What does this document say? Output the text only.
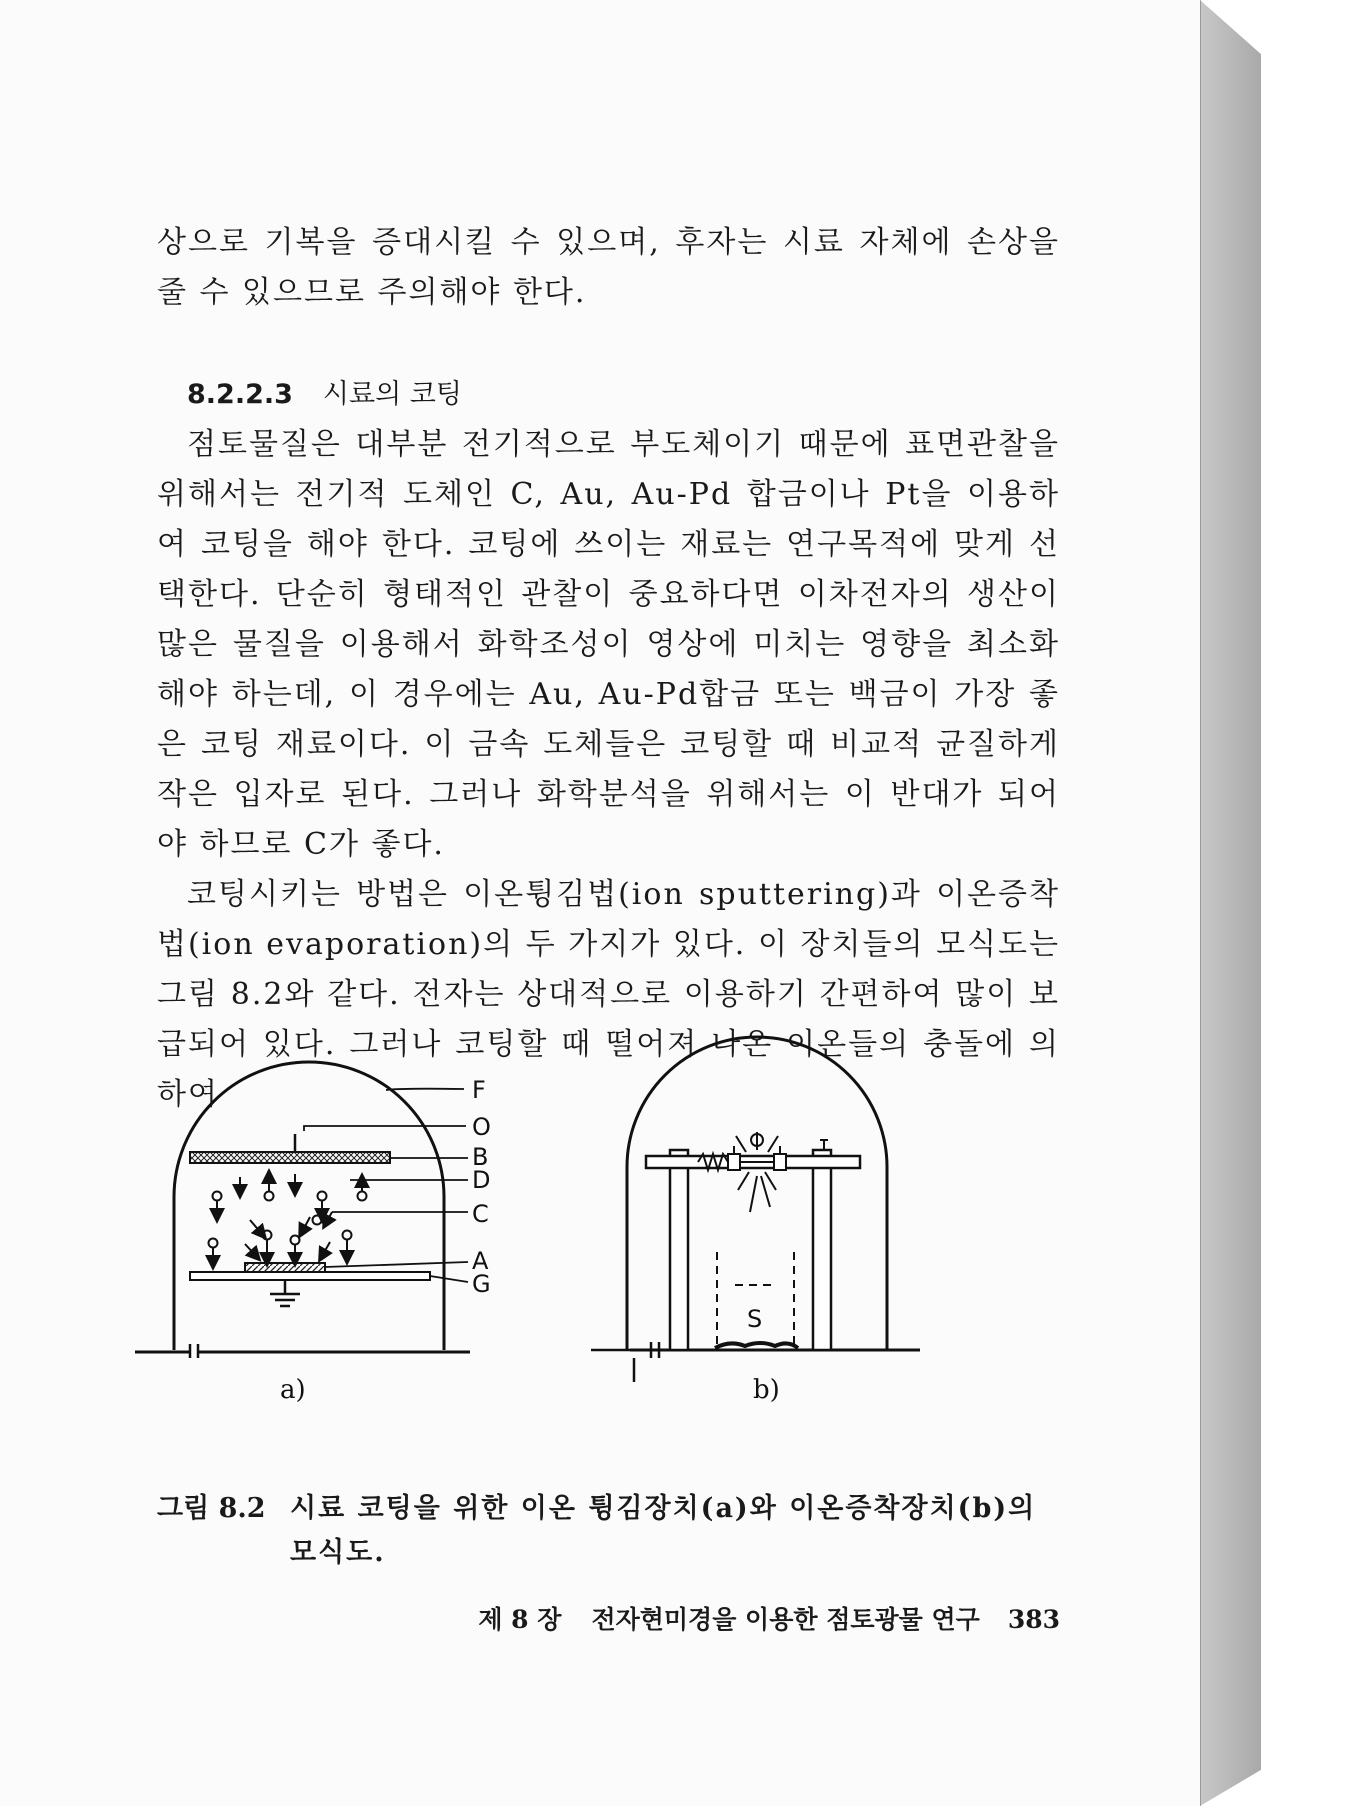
상으로 기복을 증대시킬 수 있으며, 후자는 시료 자체에 손상을 줄 수 있으므로 주의해야 한다.

8.2.2.3 시료의 코팅

점토물질은 대부분 전기적으로 부도체이기 때문에 표면관찰을 위해서는 전기적 도체인 C, Au, Au-Pd 합금이나 Pt을 이용하여 코팅을 해야 한다. 코팅에 쓰이는 재료는 연구목적에 맞게 선택한다. 단순히 형태적인 관찰이 중요하다면 이차전자의 생산이 많은 물질을 이용해서 화학조성이 영상에 미치는 영향을 최소화해야 하는데, 이 경우에는 Au, Au-Pd합금 또는 백금이 가장 좋은 코팅 재료이다. 이 금속 도체들은 코팅할 때 비교적 균질하게 작은 입자로 된다. 그러나 화학분석을 위해서는 이 반대가 되어야 하므로 C가 좋다.

코팅시키는 방법은 이온튕김법(ion sputtering)과 이온증착법(ion evaporation)의 두 가지가 있다. 이 장치들의 모식도는 그림 8.2와 같다. 전자는 상대적으로 이용하기 간편하여 많이 보급되어 있다. 그러나 코팅할 때 떨어져 나온 이온들의 충돌에 의하여	F
O
B
D
C
A
G
a)
S
b)
그림 8.2 시료 코팅을 위한 이온 튕김장치(a)와 이온증착장치(b)의 모식도.
제 8 장 전자현미경을 이용한 점토광물 연구 383
